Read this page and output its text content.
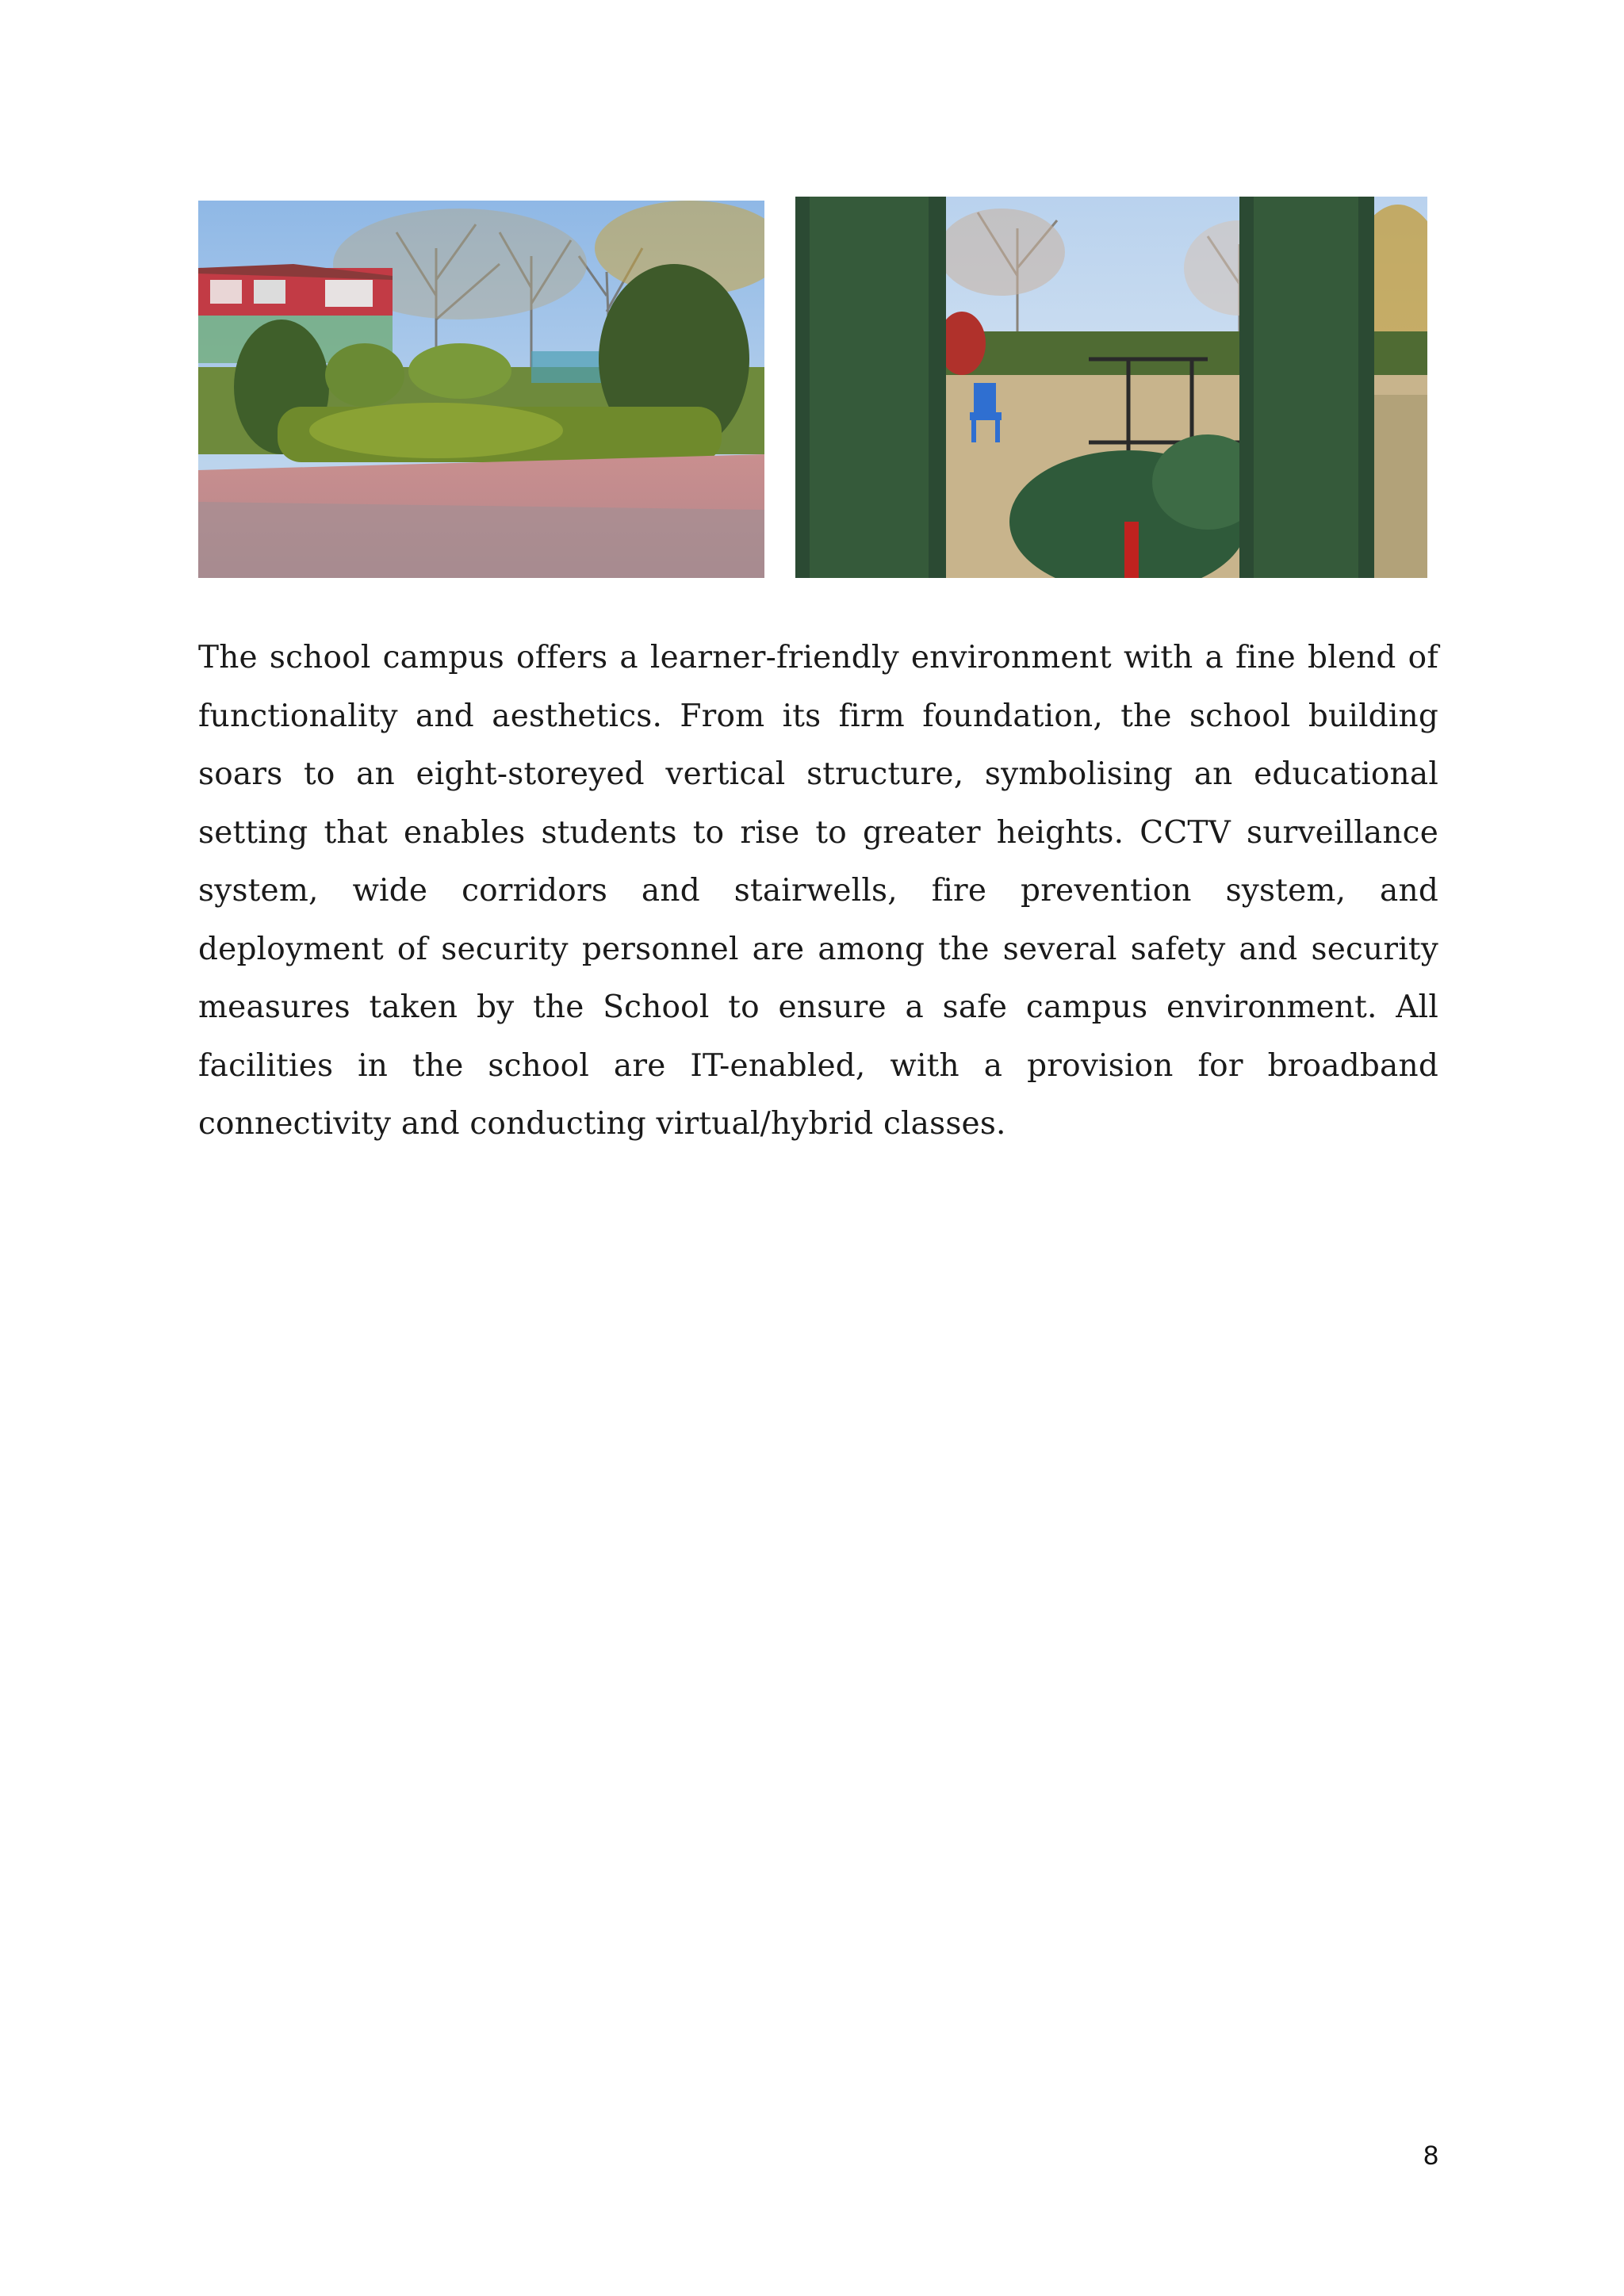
The school campus offers a learner-friendly environment with a fine blend of functionality and aesthetics. From its firm foundation, the school building soars to an eight-storeyed vertical structure, symbolising an educational setting that enables students to rise to greater heights. CCTV surveillance system, wide corridors and stairwells, fire prevention system, and deployment of security personnel are among the several safety and security measures taken by the School to ensure a safe campus environment. All facilities in the school are IT-enabled, with a provision for broadband connectivity and conducting virtual/hybrid classes.

8
